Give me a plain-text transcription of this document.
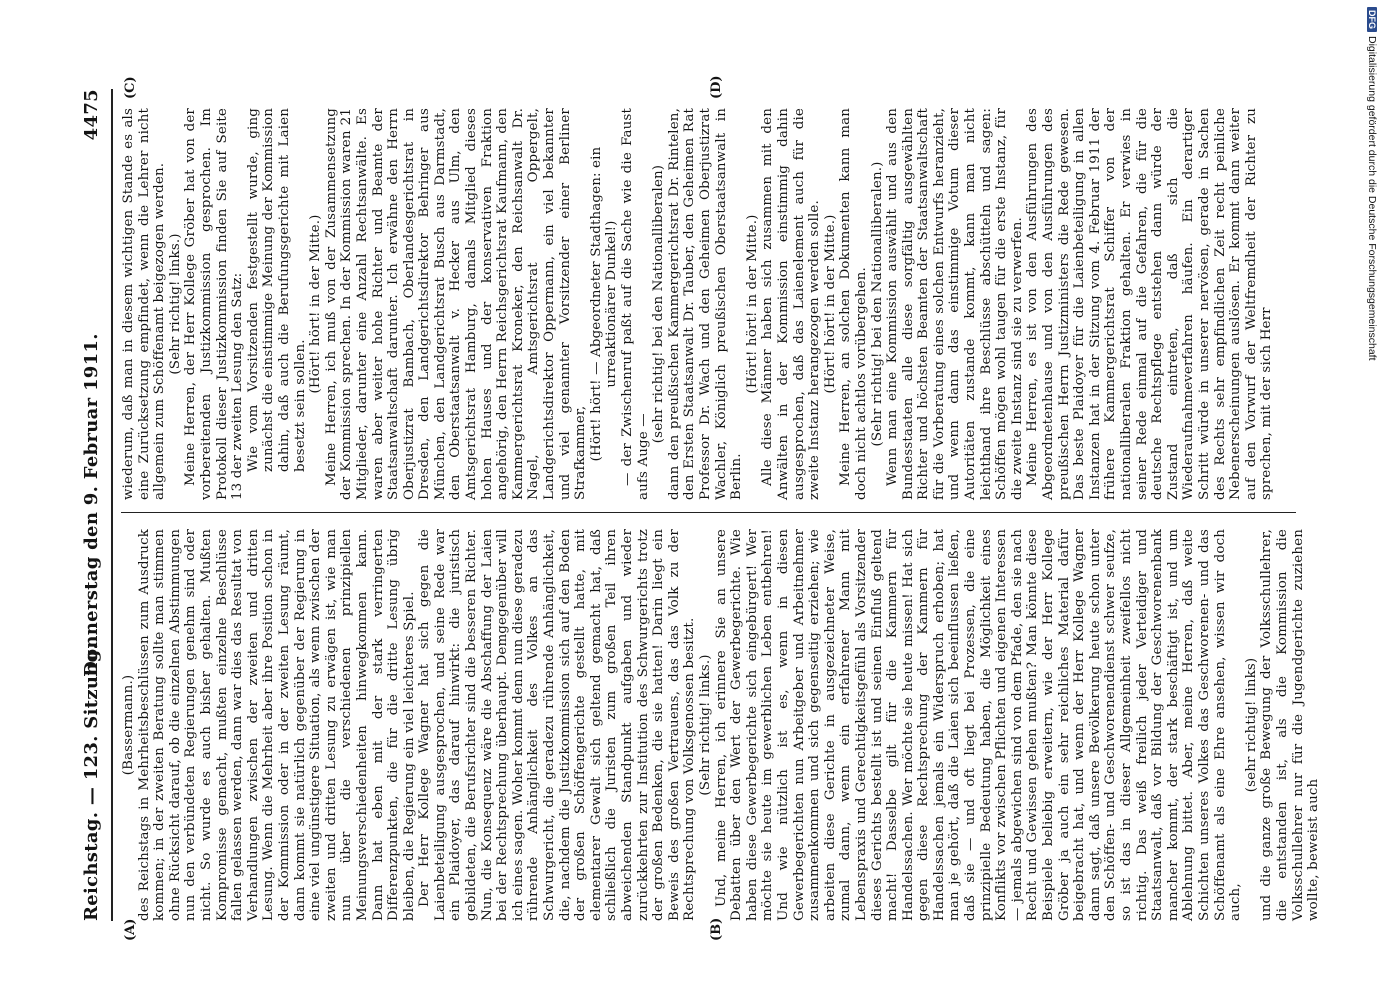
Reichstag. — 123. Sitzung.
Donnerstag den 9. Februar 1911.
4475

(Bassermann.) des Reichstags in Mehrheitsbeschlüssen zum Ausdruck kommen; in der zweiten Beratung sollte man stimmen ohne Rücksicht darauf, ob die einzelnen Abstimmungen nun den verbündeten Regierungen genehm sind oder nicht. So wurde es auch bisher gehalten. Mußten Kompromisse gemacht, mußten einzelne Beschlüsse fallen gelassen werden, dann war dies das Resultat von Verhandlungen zwischen der zweiten und dritten Lesung. Wenn die Mehrheit aber ihre Position schon in der Kommission oder in der zweiten Lesung räumt, dann kommt sie natürlich gegenüber der Regierung in eine viel ungünstigere Situation, als wenn zwischen der zweiten und dritten Lesung zu erwägen ist, wie man nun über die verschiedenen prinzipiellen Meinungsverschiedenheiten hinwegkommen kann. Dann hat eben mit der stark verringerten Differenzpunkten, die für die dritte Lesung übrig bleiben, die Regierung ein viel leichteres Spiel. Der Herr Kollege Wagner hat sich gegen die Laienbeteiligung ausgesprochen, und seine Rede war ein Plaidoyer, das darauf hinwirkt: die juristisch gebildeten, die Berufsrichter sind die besseren Richter. Nun, die Konsequenz wäre die Abschaffung der Laien bei der Rechtsprechung überhaupt. Demgegenüber will ich eines sagen. Woher kommt denn nun diese geradezu rührende Anhänglichkeit des Volkes an das Schwurgericht, die geradezu rührende Anhänglichkeit, die, nachdem die Justizkommission sich auf den Boden der großen Schöffengerichte gestellt hatte, mit elementarer Gewalt sich geltend gemacht hat, daß schließlich die Juristen zum großen Teil ihren abweichenden Standpunkt aufgaben und wieder zurückkehrten zur Institution des Schwurgerichts trotz der großen Bedenken, die sie hatten! Darin liegt ein Beweis des großen Vertrauens, das das Volk zu der Rechtsprechung von Volksgenossen besitzt. (Sehr richtig! links.) Und, meine Herren, ich erinnere Sie an unsere Debatten über den Wert der Gewerbegerichte. Wie haben diese Gewerbegerichte sich eingebürgert! Wer möchte sie heute im gewerblichen Leben entbehren! Und wie nützlich ist es, wenn in diesen Gewerbegerichten nun Arbeitgeber und Arbeitnehmer zusammenkommen und sich gegenseitig erziehen; wie arbeiten diese Gerichte in ausgezeichneter Weise, zumal dann, wenn ein erfahrener Mann mit Lebenspraxis und Gerechtigkeitsgefühl als Vorsitzender dieses Gerichts bestellt ist und seinen Einfluß geltend macht! Dasselbe gilt für die Kammern für Handelssachen. Wer möchte sie heute missen! Hat sich gegen diese Rechtsprechung der Kammern für Handelssachen jemals ein Widerspruch erhoben; hat man je gehört, daß die Laien sich beeinflussen ließen, daß sie — und oft liegt bei Prozessen, die eine prinzipielle Bedeutung haben, die Möglichkeit eines Konflikts vor zwischen Pflichten und eigenen Interessen — jemals abgewichen sind von dem Pfade, den sie nach Recht und Gewissen gehen mußten? Man könnte diese Beispiele beliebig erweitern, wie der Herr Kollege Gröber ja auch ein sehr reichliches Material dafür beigebracht hat, und wenn der Herr Kollege Wagner dann sagt, daß unsere Bevölkerung heute schon unter den Schöffen- und Geschworenendienst schwer seufze, so ist das in dieser Allgemeinheit zweifellos nicht richtig. Das weiß freilich jeder Verteidiger und Staatsanwalt, daß vor Bildung der Geschworenenbank mancher kommt, der stark beschäftigt ist, und um Ablehnung bittet. Aber, meine Herren, daß weite Schichten unseres Volkes das Geschworenen- und das Schöffenamt als eine Ehre ansehen, wissen wir doch auch,

(sehr richtig! links) und die ganze große Bewegung der Volksschullehrer, die entstanden ist, als die Kommission die Volksschullehrer nur für die Jugendgerichte zuziehen wollte, beweist auch

wiederum, daß man in diesem wichtigen Stande es als eine Zurücksetzung empfindet, wenn die Lehrer nicht allgemein zum Schöffenamt beigezogen werden. (Sehr richtig! links.) Meine Herren, der Herr Kollege Gröber hat von der vorbereitenden Justizkommission gesprochen. Im Protokoll dieser Justizkommission finden Sie auf Seite 13 der zweiten Lesung den Satz: Wie vom Vorsitzenden festgestellt wurde, ging zunächst die einstimmige Meinung der Kommission dahin, daß auch die Berufungsgerichte mit Laien besetzt sein sollen.

(Hört! hört! in der Mitte.) Meine Herren, ich muß von der Zusammensetzung der Kommission sprechen. In der Kommission waren 21 Mitglieder, darunter eine Anzahl Rechtsanwälte. Es waren aber weiter hohe Richter und Beamte der Staatsanwaltschaft darunter. Ich erwähne den Herrn Oberjustizrat Bambach, Oberlandesgerichtsrat in Dresden, den Landgerichtsdirektor Behringer aus München, den Landgerichtsrat Busch aus Darmstadt, den Oberstaatsanwalt v. Hecker aus Ulm, den Amtsgerichtsrat Hamburg, damals Mitglied dieses hohen Hauses und der konservativen Fraktion angehörig, den Herrn Reichsgerichtsrat Kaufmann, den Kammergerichtsrat Kroneker, den Reichsanwalt Dr. Nagel, Amtsgerichtsrat Oppergelt, Landgerichtsdirektor Oppermann, ein viel bekannter und viel genannter Vorsitzender einer Berliner Strafkammer, (Hört! hört! — Abgeordneter Stadthagen: ein urreaktionärer Dunkel!) — der Zwischenruf paßt auf die Sache wie die Faust aufs Auge —

(sehr richtig! bei den Nationalliberalen) dann den preußischen Kammergerichtsrat Dr. Rintelen, den Ersten Staatsanwalt Dr. Tauber, den Geheimen Rat Professor Dr. Wach und den Geheimen Oberjustizrat Wachler, Königlich preußischen Oberstaatsanwalt in Berlin.

(Hört! hört! in der Mitte.) Alle diese Männer haben sich zusammen mit den Anwälten in der Kommission einstimmig dahin ausgesprochen, daß das Laienelement auch für die zweite Instanz herangezogen werden solle. (Hört! hört! in der Mitte.) Meine Herren, an solchen Dokumenten kann man doch nicht achtlos vorübergehen. (Sehr richtig! bei den Nationalliberalen.) Wenn man eine Kommission auswählt und aus den Bundesstaaten alle diese sorgfältig ausgewählten Richter und höchsten Beamten der Staatsanwaltschaft für die Vorberatung eines solchen Entwurfs heranzieht, und wenn dann das einstimmige Votum dieser Autoritäten zustande kommt, kann man nicht leichthand ihre Beschlüsse abschütteln und sagen: Schöffen mögen wohl taugen für die erste Instanz, für die zweite Instanz sind sie zu verwerfen. Meine Herren, es ist von den Ausführungen des Abgeordnetenhause und von den Ausführungen des preußischen Herrn Justizministers die Rede gewesen. Das beste Plaidoyer für die Laienbeteiligung in allen Instanzen hat in der Sitzung vom 4. Februar 1911 der frühere Kammergerichtsrat Schiffer von der nationalliberalen Fraktion gehalten. Er verwies in seiner Rede einmal auf die Gefahren, die für die deutsche Rechtspflege entstehen dann würde der Zustand eintreten, daß sich die Wiederaufnahmeverfahren häufen. Ein derartiger Schritt würde in unserer nervösen, gerade in Sachen des Rechts sehr empfindlichen Zeit recht peinliche Nebenerscheinungen auslösen. Er kommt dann weiter auf den Vorwurf der Weltfremdheit der Richter zu sprechen, mit der sich Herr

(A)	(B)
(C)	(D)
DFGDigitalisierung gefördert durch die Deutsche Forschungsgemeinschaft
